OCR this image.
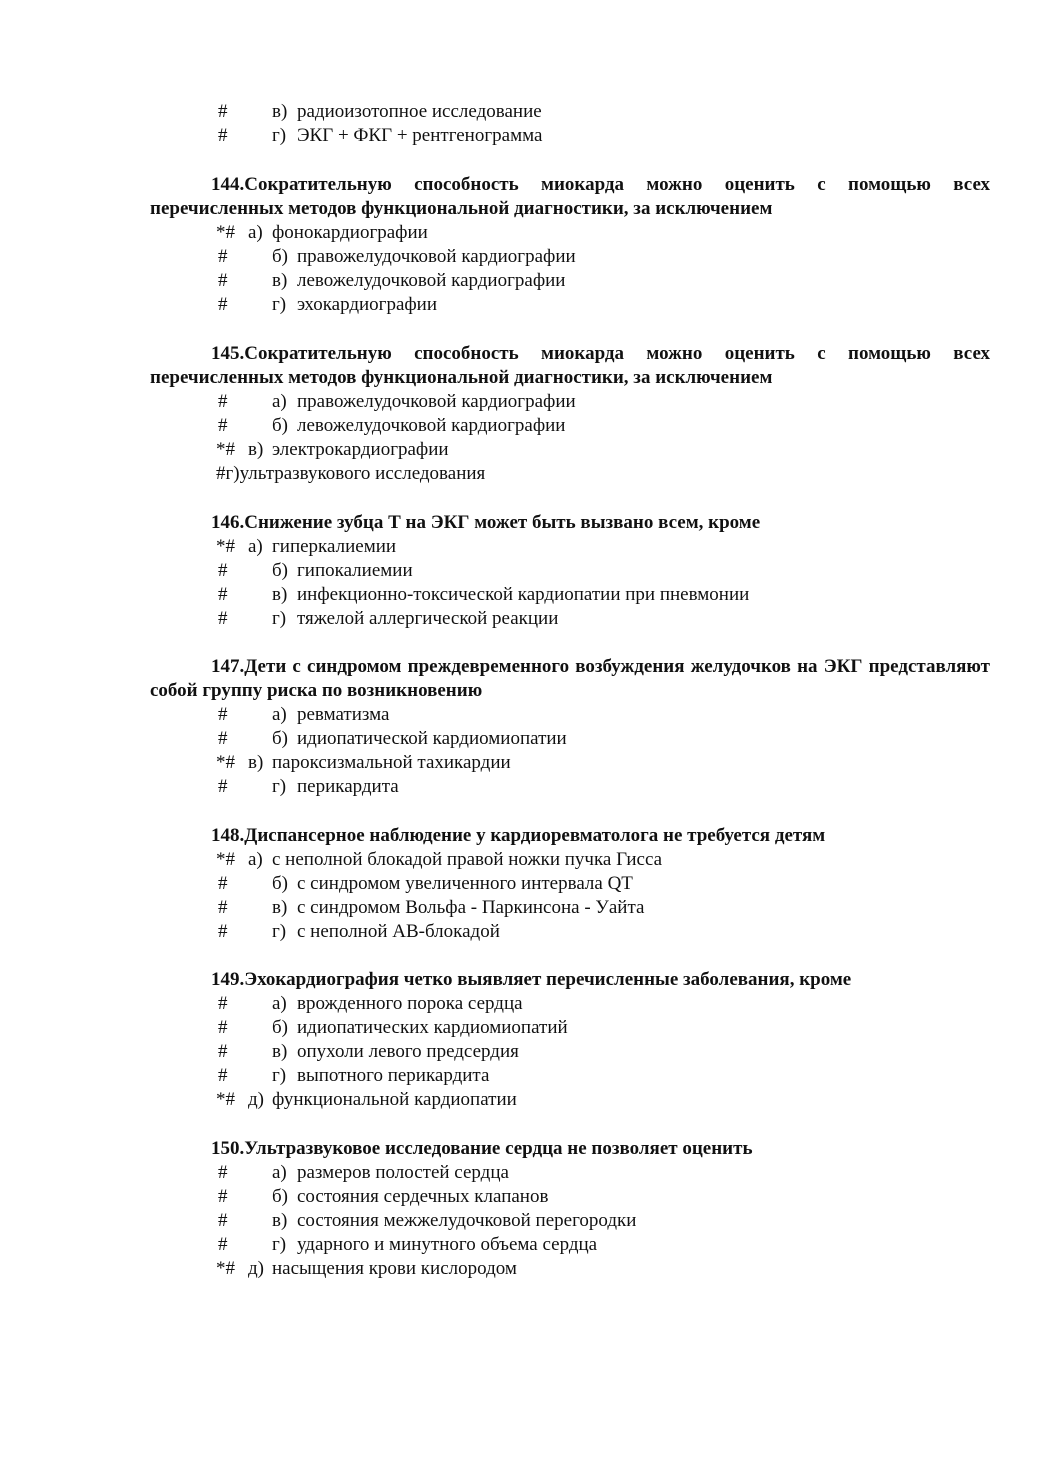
144.Сократительную способность миокарда можно оценить с помощью всех перечисленных методов функциональной диагностики, за исключением
145.Сократительную способность миокарда можно оценить с помощью всех перечисленных методов функциональной диагностики, за исключением
#г)ультразвукового исследования
146.Снижение зубца Т на ЭКГ может быть вызвано всем, кроме
147.Дети с синдромом преждевременного возбуждения желудочков на ЭКГ представляют собой группу риска по возникновению
148.Диспансерное наблюдение у кардиоревматолога не требуется детям
149.Эхокардиография четко выявляет перечисленные заболевания, кроме
150.Ультразвуковое исследование сердца не позволяет оценить
# в) радиоизотопное исследование
# г) ЭКГ + ФКГ + рентгенограмма
*# а) фонокардиографии
# б) правожелудочковой кардиографии
# в) левожелудочковой кардиографии
# г) эхокардиографии
# а) правожелудочковой кардиографии
# б) левожелудочковой кардиографии
*# в) электрокардиографии
*# а) гиперкалиемии
# б) гипокалиемии
# в) инфекционно-токсической кардиопатии при пневмонии
# г) тяжелой аллергической реакции
# а) ревматизма
# б) идиопатической кардиомиопатии
*# в) пароксизмальной тахикардии
# г) перикардита
*# а) с неполной блокадой правой ножки пучка Гисса
# б) с синдромом увеличенного интервала QT
# в) с синдромом Вольфа - Паркинсона - Уайта
# г) с неполной АВ-блокадой
# а) врожденного порока сердца
# б) идиопатических кардиомиопатий
# в) опухоли левого предсердия
# г) выпотного перикардита
*# д) функциональной кардиопатии
# а) размеров полостей сердца
# б) состояния сердечных клапанов
# в) состояния межжелудочковой перегородки
# г) ударного и минутного объема сердца
*# д) насыщения крови кислородом
